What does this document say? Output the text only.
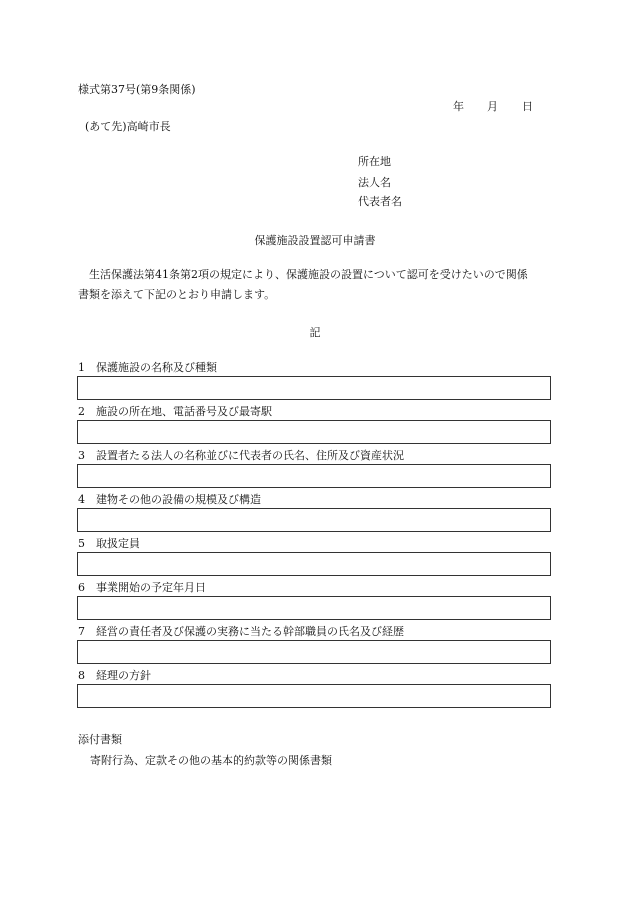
様式第37号(第9条関係)
年 月 日
(あて先)高崎市長
所在地
法人名
代表者名
保護施設設置認可申請書

生活保護法第41条第2項の規定により、保護施設の設置について認可を受けたいので関係

書類を添えて下記のとおり申請します。
記
1 保護施設の名称及び種類
2 施設の所在地、電話番号及び最寄駅
3 設置者たる法人の名称並びに代表者の氏名、住所及び資産状況
4 建物その他の設備の規模及び構造
5 取扱定員
6 事業開始の予定年月日
7 経営の責任者及び保護の実務に当たる幹部職員の氏名及び経歴
8 経理の方針
添付書類
寄附行為、定款その他の基本的約款等の関係書類
